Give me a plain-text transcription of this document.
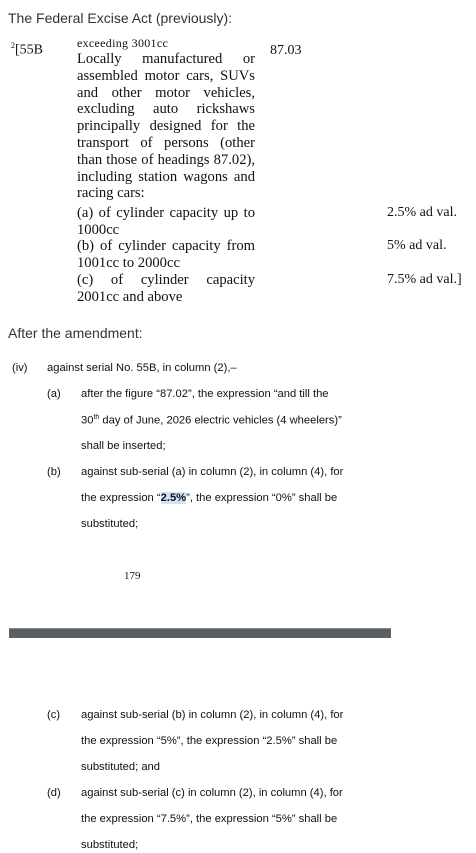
The Federal Excise Act (previously):
$^2$[55B	exceeding 3001cc
Locally manufactured or assembled motor cars, SUVs and other motor vehicles, excluding auto rickshaws principally designed for the transport of persons (other than those of headings 87.02), including station wagons and racing cars:
87.03
(a) of cylinder capacity up to 1000cc
2.5% ad val.
(b) of cylinder capacity from 1001cc to 2000cc
5% ad val.
(c) of cylinder capacity 2001cc and above
7.5% ad val.]
After the amendment:
(iv) against serial No. 55B, in column (2),–
(a) after the figure “87.02”, the expression “and till the
30th day of June, 2026 electric vehicles (4 wheelers)”
shall be inserted;
(b) against sub-serial (a) in column (2), in column (4), for
the expression “2.5%”, the expression “0%” shall be
substituted;
179
(c) against sub-serial (b) in column (2), in column (4), for
the expression “5%”, the expression “2.5%” shall be
substituted; and
(d) against sub-serial (c) in column (2), in column (4), for
the expression “7.5%”, the expression “5%” shall be
substituted;
